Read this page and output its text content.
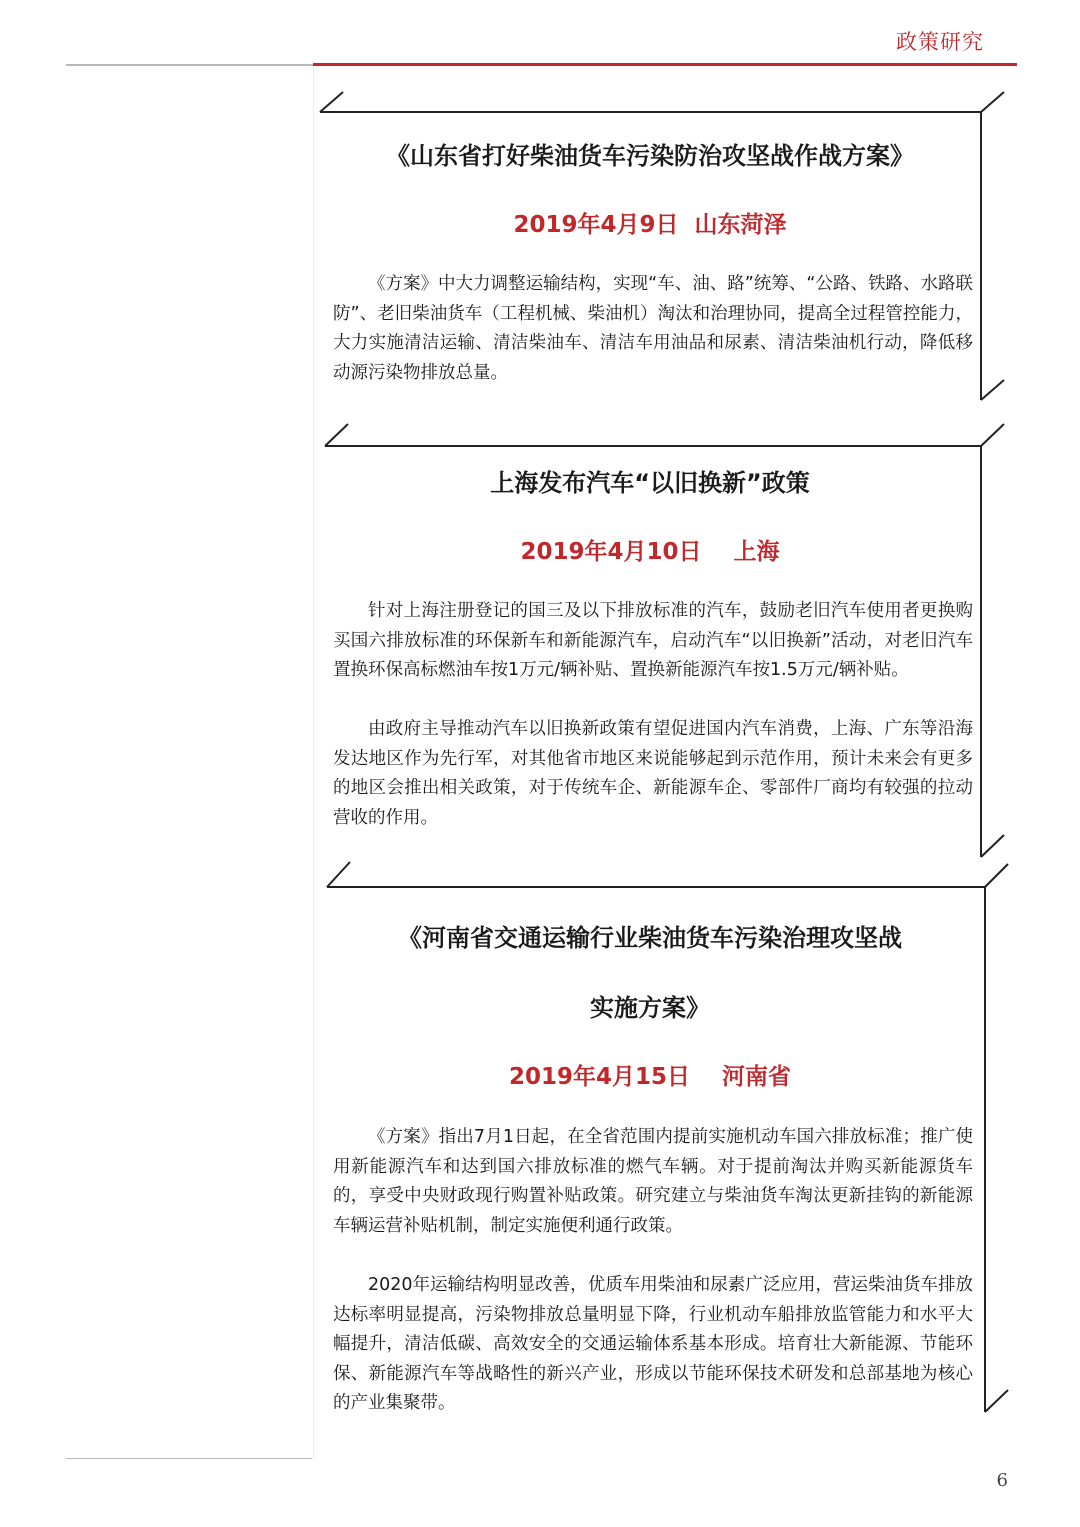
政策研究
《山东省打好柴油货车污染防治攻坚战作战方案》
2019年4月9日  山东菏泽

《方案》中大力调整运输结构，实现“车、油、路”统筹、“公路、铁路、水路联防”、老旧柴油货车（工程机械、柴油机）淘汰和治理协同，提高全过程管控能力，大力实施清洁运输、清洁柴油车、清洁车用油品和尿素、清洁柴油机行动，降低移动源污染物排放总量。

上海发布汽车“以旧换新”政策
2019年4月10日    上海

针对上海注册登记的国三及以下排放标准的汽车，鼓励老旧汽车使用者更换购买国六排放标准的环保新车和新能源汽车，启动汽车“以旧换新”活动，对老旧汽车置换环保高标燃油车按1万元/辆补贴、置换新能源汽车按1.5万元/辆补贴。

由政府主导推动汽车以旧换新政策有望促进国内汽车消费，上海、广东等沿海发达地区作为先行军，对其他省市地区来说能够起到示范作用，预计未来会有更多的地区会推出相关政策，对于传统车企、新能源车企、零部件厂商均有较强的拉动营收的作用。

《河南省交通运输行业柴油货车污染治理攻坚战
实施方案》
2019年4月15日    河南省

《方案》指出7月1日起，在全省范围内提前实施机动车国六排放标准；推广使用新能源汽车和达到国六排放标准的燃气车辆。对于提前淘汰并购买新能源货车的，享受中央财政现行购置补贴政策。研究建立与柴油货车淘汰更新挂钩的新能源车辆运营补贴机制，制定实施便利通行政策。

2020年运输结构明显改善，优质车用柴油和尿素广泛应用，营运柴油货车排放达标率明显提高，污染物排放总量明显下降，行业机动车船排放监管能力和水平大幅提升，清洁低碳、高效安全的交通运输体系基本形成。培育壮大新能源、节能环保、新能源汽车等战略性的新兴产业，形成以节能环保技术研发和总部基地为核心的产业集聚带。

6
